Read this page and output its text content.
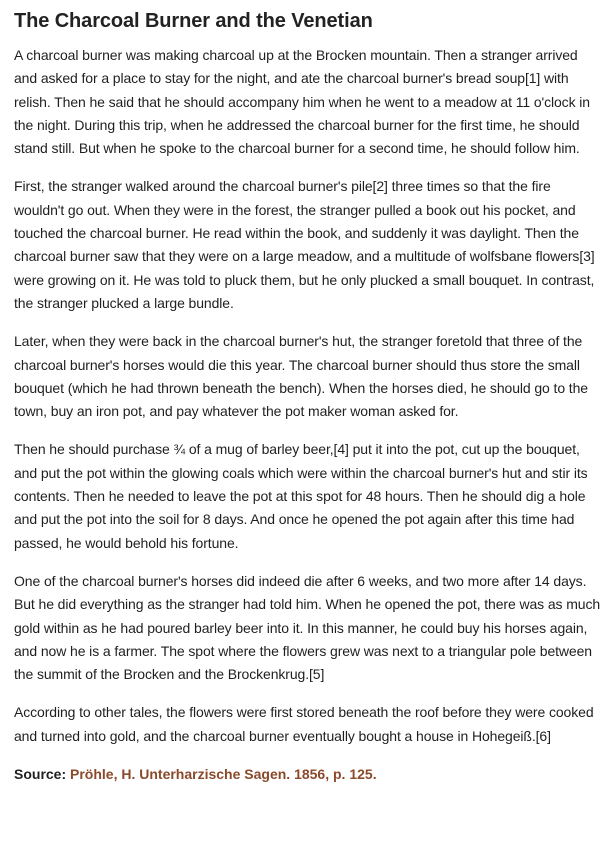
The Charcoal Burner and the Venetian

A charcoal burner was making charcoal up at the Brocken mountain. Then a stranger arrived and asked for a place to stay for the night, and ate the charcoal burner's bread soup[1] with relish. Then he said that he should accompany him when he went to a meadow at 11 o'clock in the night. During this trip, when he addressed the charcoal burner for the first time, he should stand still. But when he spoke to the charcoal burner for a second time, he should follow him.

First, the stranger walked around the charcoal burner's pile[2] three times so that the fire wouldn't go out. When they were in the forest, the stranger pulled a book out his pocket, and touched the charcoal burner. He read within the book, and suddenly it was daylight. Then the charcoal burner saw that they were on a large meadow, and a multitude of wolfsbane flowers[3] were growing on it. He was told to pluck them, but he only plucked a small bouquet. In contrast, the stranger plucked a large bundle.

Later, when they were back in the charcoal burner's hut, the stranger foretold that three of the charcoal burner's horses would die this year. The charcoal burner should thus store the small bouquet (which he had thrown beneath the bench). When the horses died, he should go to the town, buy an iron pot, and pay whatever the pot maker woman asked for.

Then he should purchase ¾ of a mug of barley beer,[4] put it into the pot, cut up the bouquet, and put the pot within the glowing coals which were within the charcoal burner's hut and stir its contents. Then he needed to leave the pot at this spot for 48 hours. Then he should dig a hole and put the pot into the soil for 8 days. And once he opened the pot again after this time had passed, he would behold his fortune.

One of the charcoal burner's horses did indeed die after 6 weeks, and two more after 14 days. But he did everything as the stranger had told him. When he opened the pot, there was as much gold within as he had poured barley beer into it. In this manner, he could buy his horses again, and now he is a farmer. The spot where the flowers grew was next to a triangular pole between the summit of the Brocken and the Brockenkrug.[5]

According to other tales, the flowers were first stored beneath the roof before they were cooked and turned into gold, and the charcoal burner eventually bought a house in Hohegeiß.[6]

Source: Pröhle, H. Unterharzische Sagen. 1856, p. 125.
